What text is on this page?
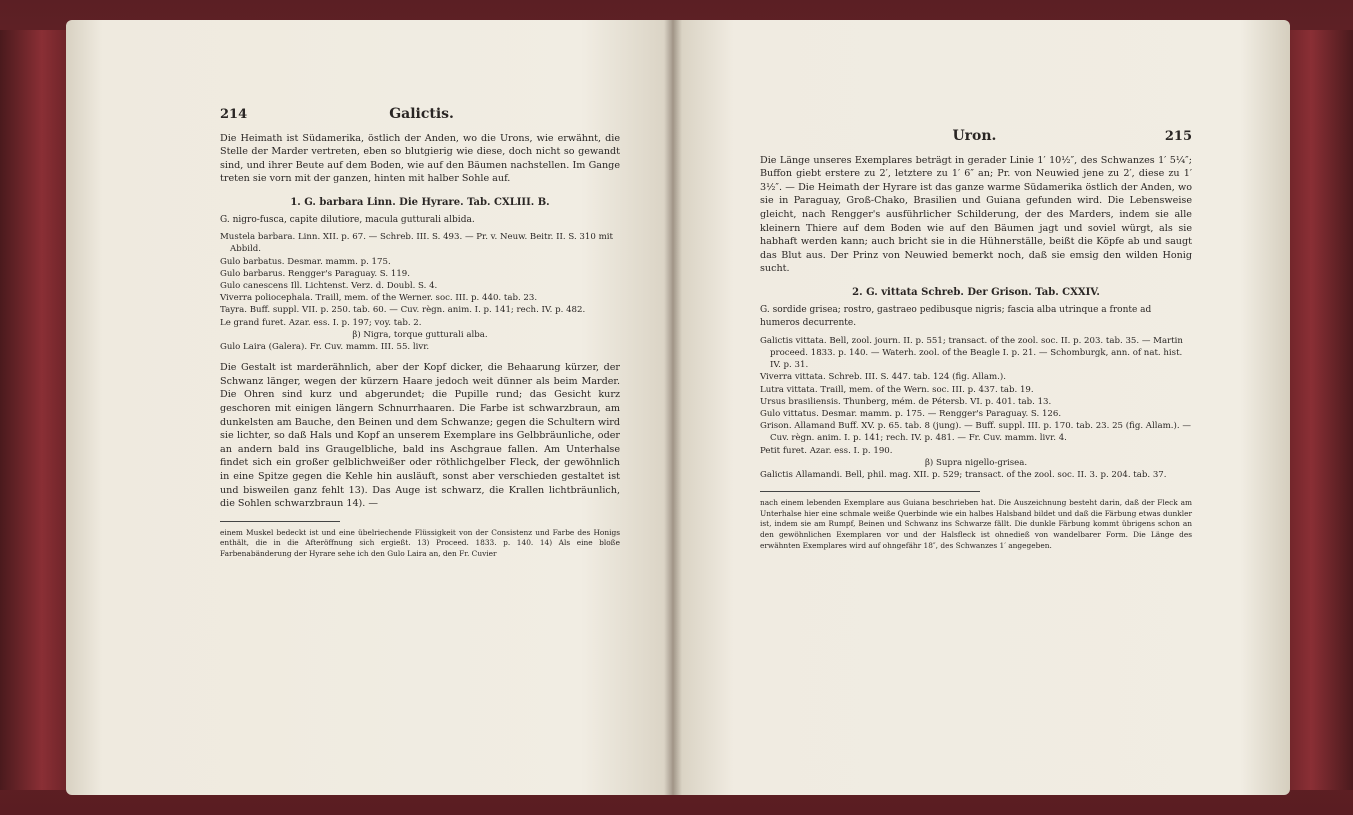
214	Galictis.

Die Heimath ist Südamerika, östlich der Anden, wo die Urons, wie erwähnt, die Stelle der Marder vertreten, eben so blutgierig wie diese, doch nicht so gewandt sind, und ihrer Beute auf dem Boden, wie auf den Bäumen nachstellen. Im Gange treten sie vorn mit der ganzen, hinten mit halber Sohle auf.

1. G. barbara Linn. Die Hyrare. Tab. CXLIII. B.
G. nigro-fusca, capite dilutiore, macula gutturali albida.
Mustela barbara. Linn. XII. p. 67. — Schreb. III. S. 493. — Pr. v. Neuw. Beitr. II. S. 310 mit Abbild.
Gulo barbatus. Desmar. mamm. p. 175.
Gulo barbarus. Rengger's Paraguay. S. 119.
Gulo canescens Ill. Lichtenst. Verz. d. Doubl. S. 4.
Viverra poliocephala. Traill, mem. of the Werner. soc. III. p. 440. tab. 23.
Tayra. Buff. suppl. VII. p. 250. tab. 60. — Cuv. règn. anim. I. p. 141; rech. IV. p. 482.
Le grand furet. Azar. ess. I. p. 197; voy. tab. 2.
β) Nigra, torque gutturali alba.
Gulo Laira (Galera). Fr. Cuv. mamm. III. 55. livr.

Die Gestalt ist marderähnlich, aber der Kopf dicker, die Behaarung kürzer, der Schwanz länger, wegen der kürzern Haare jedoch weit dünner als beim Marder. Die Ohren sind kurz und abgerundet; die Pupille rund; das Gesicht kurz geschoren mit einigen längern Schnurrhaaren. Die Farbe ist schwarzbraun, am dunkelsten am Bauche, den Beinen und dem Schwanze; gegen die Schultern wird sie lichter, so daß Hals und Kopf an unserem Exemplare ins Gelbbräunliche, oder an andern bald ins Graugelbliche, bald ins Aschgraue fallen. Am Unterhalse findet sich ein großer gelblichweißer oder röthlichgelber Fleck, der gewöhnlich in eine Spitze gegen die Kehle hin ausläuft, sonst aber verschieden gestaltet ist und bisweilen ganz fehlt 13). Das Auge ist schwarz, die Krallen lichtbräunlich, die Sohlen schwarzbraun 14). —

einem Muskel bedeckt ist und eine übelriechende Flüssigkeit von der Consistenz und Farbe des Honigs enthält, die in die Afteröffnung sich ergießt. 13) Proceed. 1833. p. 140. 14) Als eine bloße Farbenabänderung der Hyrare sehe ich den Gulo Laira an, den Fr. Cuvier

Uron.	215

Die Länge unseres Exemplares beträgt in gerader Linie 1′ 10½″, des Schwanzes 1′ 5¼″; Buffon giebt erstere zu 2′, letztere zu 1′ 6″ an; Pr. von Neuwied jene zu 2′, diese zu 1′ 3½″. — Die Heimath der Hyrare ist das ganze warme Südamerika östlich der Anden, wo sie in Paraguay, Groß-Chako, Brasilien und Guiana gefunden wird. Die Lebensweise gleicht, nach Rengger's ausführlicher Schilderung, der des Marders, indem sie alle kleinern Thiere auf dem Boden wie auf den Bäumen jagt und soviel würgt, als sie habhaft werden kann; auch bricht sie in die Hühnerställe, beißt die Köpfe ab und saugt das Blut aus. Der Prinz von Neuwied bemerkt noch, daß sie emsig den wilden Honig sucht.

2. G. vittata Schreb. Der Grison. Tab. CXXIV.
G. sordide grisea; rostro, gastraeo pedibusque nigris; fascia alba utrinque a fronte ad humeros decurrente.
Galictis vittata. Bell, zool. journ. II. p. 551; transact. of the zool. soc. II. p. 203. tab. 35. — Martin proceed. 1833. p. 140. — Waterh. zool. of the Beagle I. p. 21. — Schomburgk, ann. of nat. hist. IV. p. 31.
Viverra vittata. Schreb. III. S. 447. tab. 124 (fig. Allam.).
Lutra vittata. Traill, mem. of the Wern. soc. III. p. 437. tab. 19.
Ursus brasiliensis. Thunberg, mém. de Pétersb. VI. p. 401. tab. 13.
Gulo vittatus. Desmar. mamm. p. 175. — Rengger's Paraguay. S. 126.
Grison. Allamand Buff. XV. p. 65. tab. 8 (jung). — Buff. suppl. III. p. 170. tab. 23. 25 (fig. Allam.). — Cuv. règn. anim. I. p. 141; rech. IV. p. 481. — Fr. Cuv. mamm. livr. 4.
Petit furet. Azar. ess. I. p. 190.
β) Supra nigello-grisea.
Galictis Allamandi. Bell, phil. mag. XII. p. 529; transact. of the zool. soc. II. 3. p. 204. tab. 37.

nach einem lebenden Exemplare aus Guiana beschrieben hat. Die Auszeichnung besteht darin, daß der Fleck am Unterhalse hier eine schmale weiße Querbinde wie ein halbes Halsband bildet und daß die Färbung etwas dunkler ist, indem sie am Rumpf, Beinen und Schwanz ins Schwarze fällt. Die dunkle Färbung kommt übrigens schon an den gewöhnlichen Exemplaren vor und der Halsfleck ist ohnedieß von wandelbarer Form. Die Länge des erwähnten Exemplares wird auf ohngefähr 18″, des Schwanzes 1′ angegeben.
